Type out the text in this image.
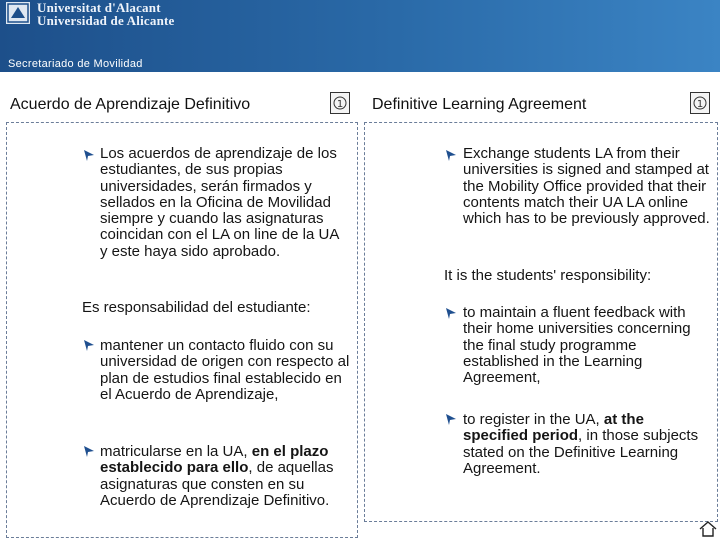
Universitat d'Alacant
Universidad de Alicante
Secretariado de Movilidad
Acuerdo de Aprendizaje Definitivo	1 Definitive Learning Agreement	1

Los acuerdos de aprendizaje de los estudiantes, de sus propias universidades, serán firmados y sellados en la Oficina de Movilidad siempre y cuando las asignaturas coincidan con el LA on line de la UA y este haya sido aprobado.

Es responsabilidad del estudiante:

mantener un contacto fluido con su universidad de origen con respecto al plan de estudios final establecido en el Acuerdo de Aprendizaje,

matricularse en la UA, en el plazo establecido para ello, de aquellas asignaturas que consten en su Acuerdo de Aprendizaje Definitivo.

Exchange students LA from their universities is signed and stamped at the Mobility Office provided that their contents match their UA LA online which has to be previously approved.

It is the students' responsibility:

to maintain a fluent feedback with their home universities concerning the final study programme established in the Learning Agreement,

to register in the UA, at the specified period, in those subjects stated on the Definitive Learning Agreement.
